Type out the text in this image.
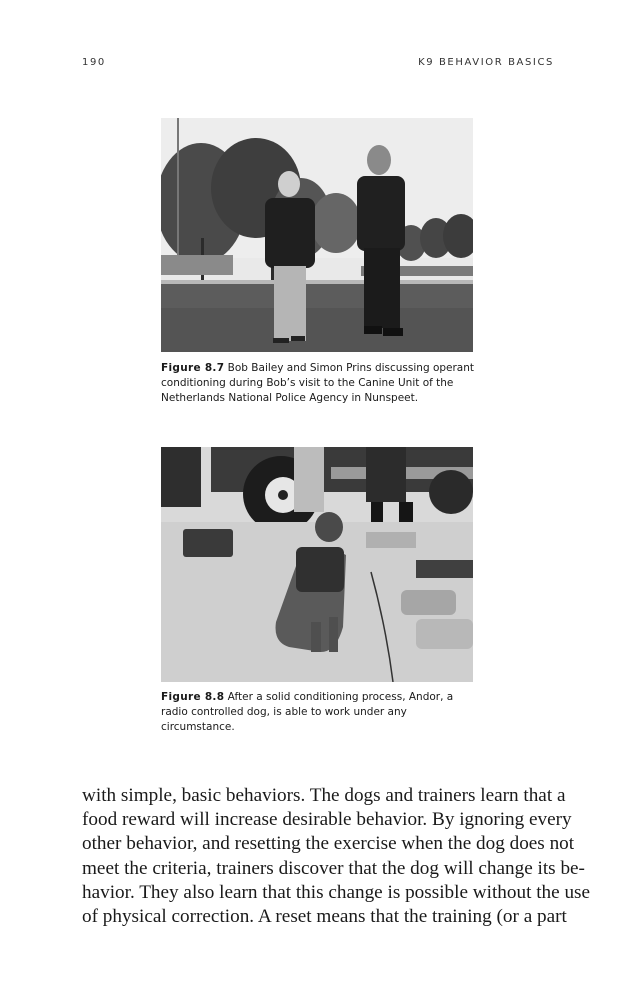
190	K9 BEHAVIOR BASICS
Figure 8.7 Bob Bailey and Simon Prins discussing operant conditioning during Bob’s visit to the Canine Unit of the Netherlands National Police Agency in Nunspeet.
Figure 8.8 After a solid conditioning process, Andor, a radio controlled dog, is able to work under any circumstance.
with simple, basic behaviors. The dogs and trainers learn that a
food reward will increase desirable behavior. By ignoring every
other behavior, and resetting the exercise when the dog does not
meet the criteria, trainers discover that the dog will change its be-
havior. They also learn that this change is possible without the use
of physical correction. A reset means that the training (or a part
